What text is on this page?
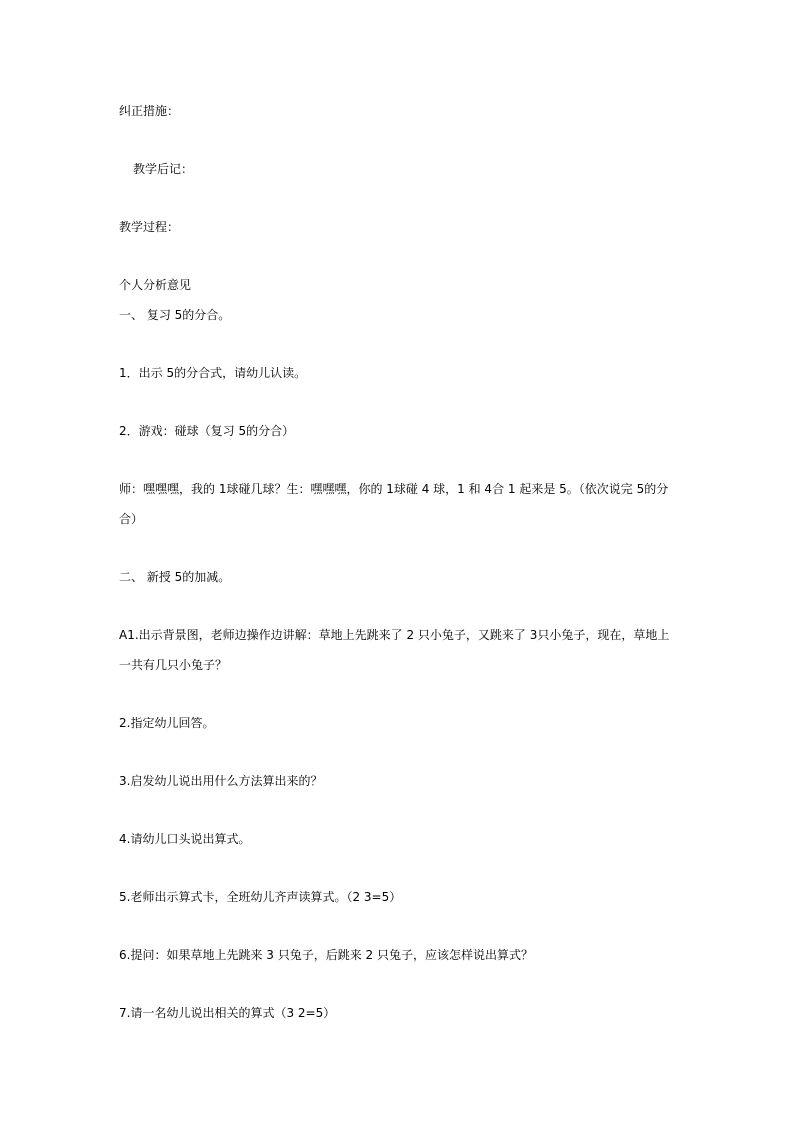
纠正措施：
教学后记：
教学过程：
个人分析意见
一、 复习 5的分合。
1．出示 5的分合式，请幼儿认读。
2．游戏：碰球（复习 5的分合）
师：嘿嘿嘿，我的 1球碰几球？生：嘿嘿嘿，你的 1球碰 4 球，1 和 4合 1 起来是 5。（依次说完 5的分合）
二、 新授 5的加减。
A1.出示背景图，老师边操作边讲解：草地上先跳来了 2 只小兔子，又跳来了 3只小兔子，现在，草地上一共有几只小兔子？
2.指定幼儿回答。
3.启发幼儿说出用什么方法算出来的？
4.请幼儿口头说出算式。
5.老师出示算式卡，全班幼儿齐声读算式。（2 3=5）
6.提问：如果草地上先跳来 3 只兔子，后跳来 2 只兔子，应该怎样说出算式？
7.请一名幼儿说出相关的算式（3 2=5）
